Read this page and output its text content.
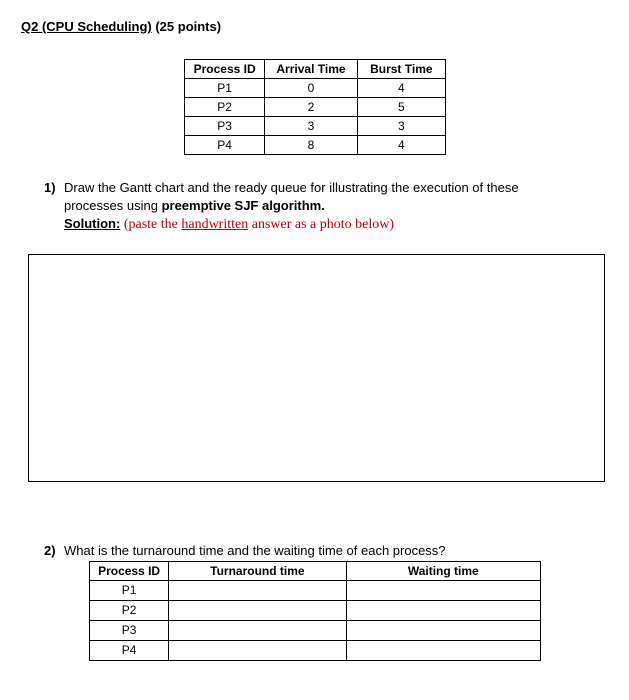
Q2 (CPU Scheduling) (25 points)
Process ID	Arrival Time	Burst Time
P1	0	4
P2	2	5
P3	3	3
P4	8	4
1) Draw the Gantt chart and the ready queue for illustrating the execution of these
processes using preemptive SJF algorithm.
Solution: (paste the handwritten answer as a photo below)
2) What is the turnaround time and the waiting time of each process?
Process ID	Turnaround time	Waiting time
P1		
P2		
P3		
P4		
